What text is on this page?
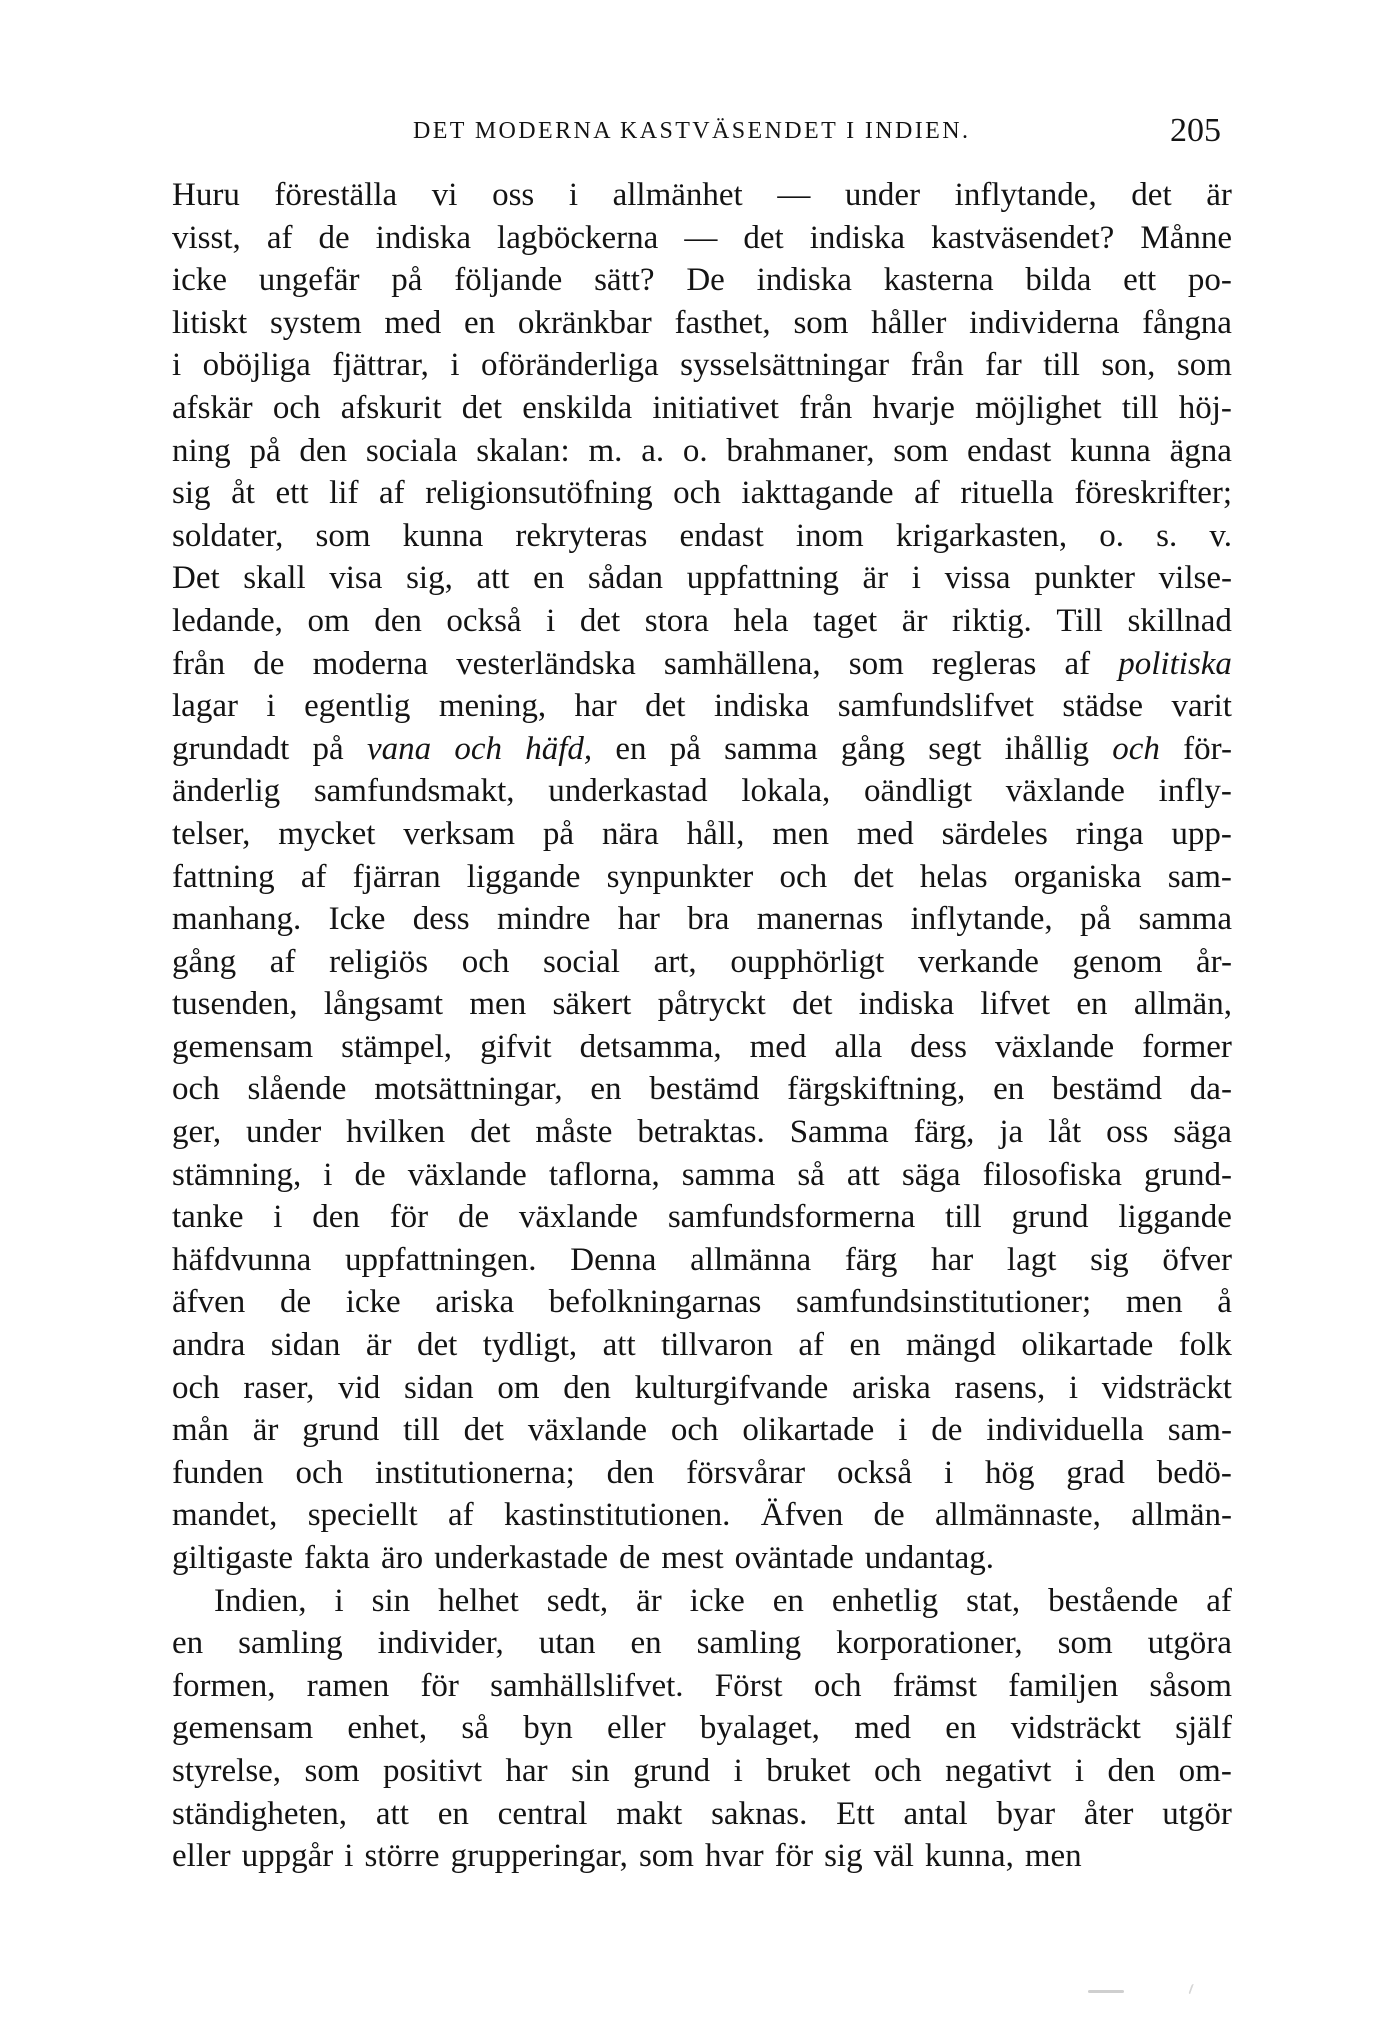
DET MODERNA KASTVÄSENDET I INDIEN.	205
Huru föreställa vi oss i allmänhet — under inflytande, det är
visst, af de indiska lagböckerna — det indiska kastväsendet? Månne
icke ungefär på följande sätt? De indiska kasterna bilda ett po-
litiskt system med en okränkbar fasthet, som håller individerna fångna
i oböjliga fjättrar, i oföränderliga sysselsättningar från far till son, som
afskär och afskurit det enskilda initiativet från hvarje möjlighet till höj-
ning på den sociala skalan: m. a. o. brahmaner, som endast kunna ägna
sig åt ett lif af religionsutöfning och iakttagande af rituella föreskrifter;
soldater, som kunna rekryteras endast inom krigarkasten, o. s. v.
Det skall visa sig, att en sådan uppfattning är i vissa punkter vilse-
ledande, om den också i det stora hela taget är riktig. Till skillnad
från de moderna vesterländska samhällena, som regleras af politiska
lagar i egentlig mening, har det indiska samfundslifvet städse varit
grundadt på vana och häfd, en på samma gång segt ihållig och för-
änderlig samfundsmakt, underkastad lokala, oändligt växlande infly-
telser, mycket verksam på nära håll, men med särdeles ringa upp-
fattning af fjärran liggande synpunkter och det helas organiska sam-
manhang. Icke dess mindre har bra manernas inflytande, på samma
gång af religiös och social art, oupphörligt verkande genom år-
tusenden, långsamt men säkert påtryckt det indiska lifvet en allmän,
gemensam stämpel, gifvit detsamma, med alla dess växlande former
och slående motsättningar, en bestämd färgskiftning, en bestämd da-
ger, under hvilken det måste betraktas. Samma färg, ja låt oss säga
stämning, i de växlande taflorna, samma så att säga filosofiska grund-
tanke i den för de växlande samfundsformerna till grund liggande
häfdvunna uppfattningen. Denna allmänna färg har lagt sig öfver
äfven de icke ariska befolkningarnas samfundsinstitutioner; men å
andra sidan är det tydligt, att tillvaron af en mängd olikartade folk
och raser, vid sidan om den kulturgifvande ariska rasens, i vidsträckt
mån är grund till det växlande och olikartade i de individuella sam-
funden och institutionerna; den försvårar också i hög grad bedö-
mandet, speciellt af kastinstitutionen. Äfven de allmännaste, allmän-
giltigaste fakta äro underkastade de mest oväntade undantag.
Indien, i sin helhet sedt, är icke en enhetlig stat, bestående af
en samling individer, utan en samling korporationer, som utgöra
formen, ramen för samhällslifvet. Först och främst familjen såsom
gemensam enhet, så byn eller byalaget, med en vidsträckt själf
styrelse, som positivt har sin grund i bruket och negativt i den om-
ständigheten, att en central makt saknas. Ett antal byar åter utgör
eller uppgår i större grupperingar, som hvar för sig väl kunna, men
